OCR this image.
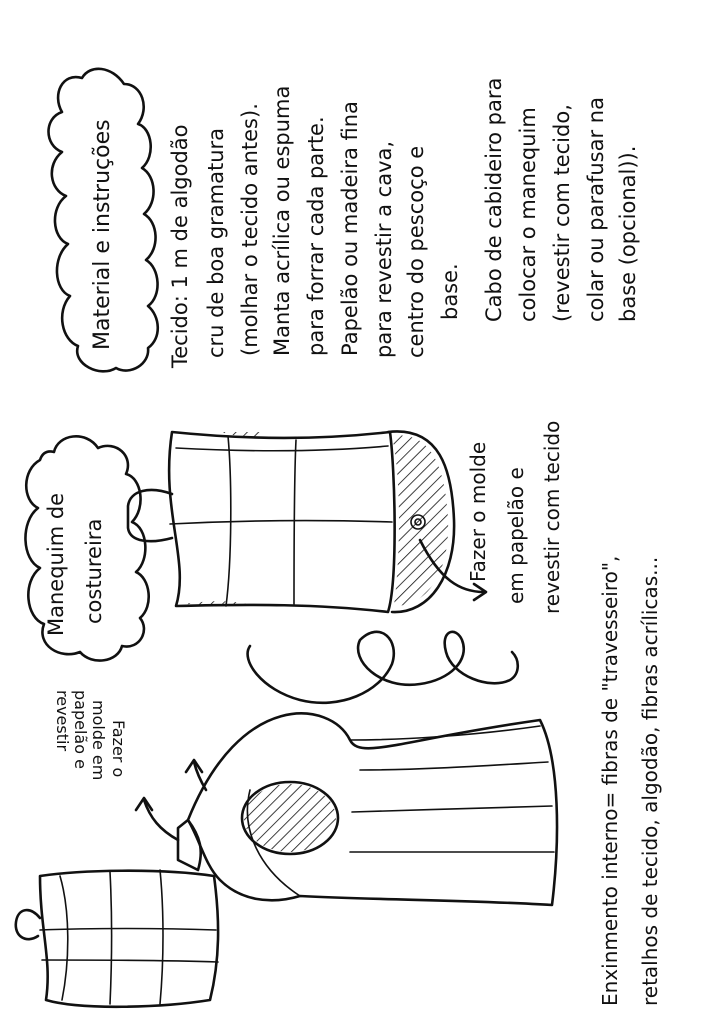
Material e instruções
Manequim de costureira
Tecido: 1 m de algodão cru de boa gramatura (molhar o tecido antes). Manta acrílica ou espuma para forrar cada parte. Papelão ou madeira fina para revestir a cava, centro do pescoço e base. Cabo de cabideiro para colocar o manequim (revestir com tecido, colar ou parafusar na base (opcional)).
Fazer o molde em papelão e revestir com tecido
Fazer o
molde em
papelão e
revestir	Enxinmento interno= fibras de "travesseiro", retalhos de tecido, algodão, fibras acrílicas...
